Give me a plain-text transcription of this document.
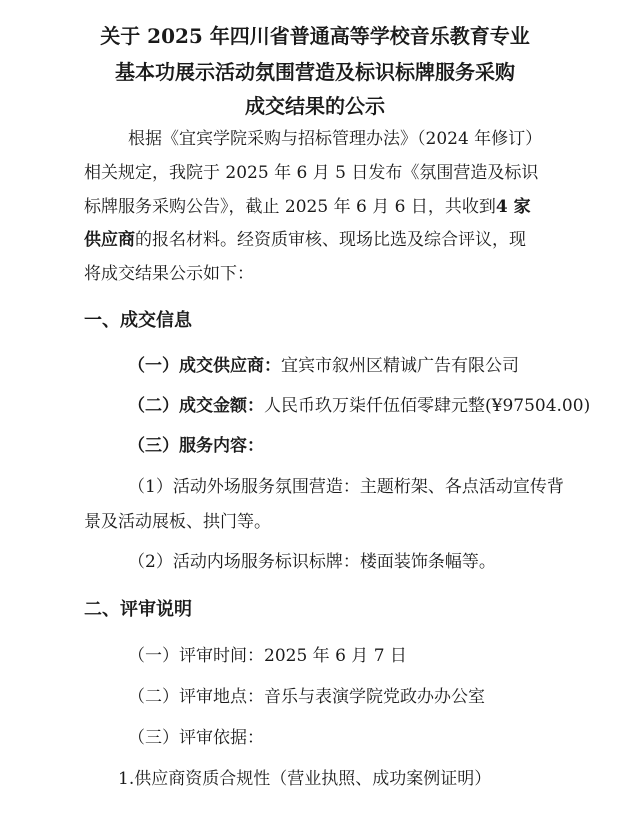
关于 2025 年四川省普通高等学校音乐教育专业
基本功展示活动氛围营造及标识标牌服务采购
成交结果的公示
根据《宜宾学院采购与招标管理办法》（2024 年修订）
相关规定，我院于 2025 年 6 月 5 日发布《氛围营造及标识
标牌服务采购公告》，截止 2025 年 6 月 6 日，共收到4 家
供应商的报名材料。经资质审核、现场比选及综合评议，现
将成交结果公示如下：
一、成交信息
（一）成交供应商：宜宾市叙州区精诚广告有限公司
（二）成交金额：人民币玖万柒仟伍佰零肆元整(¥97504.00)
（三）服务内容：
（1）活动外场服务氛围营造：主题桁架、各点活动宣传背
景及活动展板、拱门等。
（2）活动内场服务标识标牌：楼面装饰条幅等。
二、评审说明
（一）评审时间：2025 年 6 月 7 日
（二）评审地点：音乐与表演学院党政办办公室
（三）评审依据：
1.供应商资质合规性（营业执照、成功案例证明）
